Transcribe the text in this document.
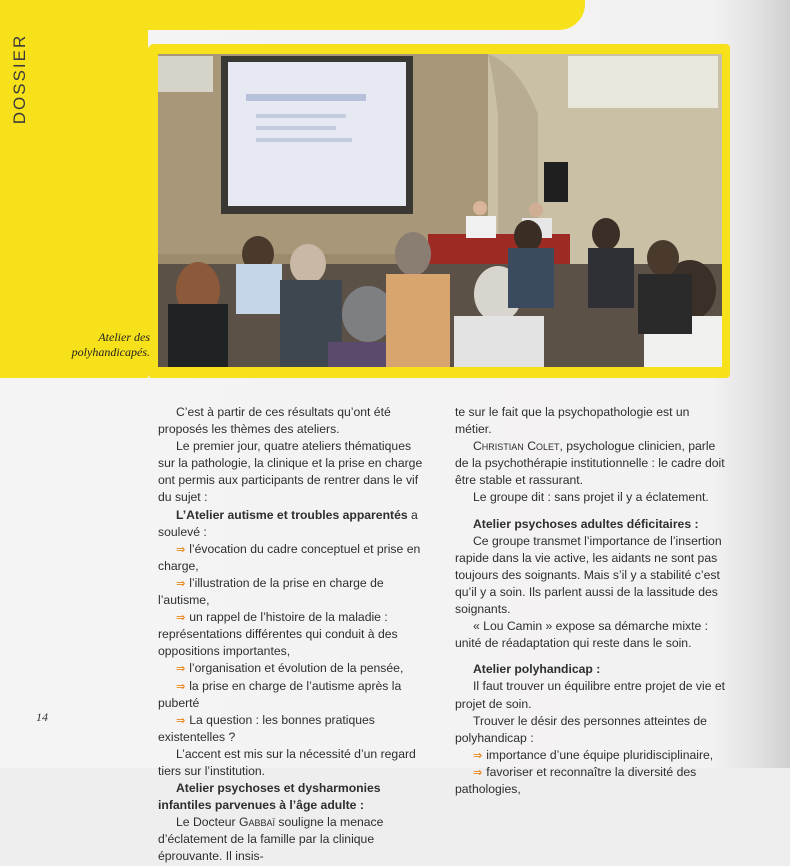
DOSSIER
Atelier des
polyhandicapés.

C’est à partir de ces résultats qu’ont été proposés les thèmes des ateliers.

Le premier jour, quatre ateliers thématiques sur la pathologie, la clinique et la prise en charge ont permis aux participants de rentrer dans le vif du sujet :

L’Atelier autisme et troubles apparentés a soulevé :

⇒ l’évocation du cadre conceptuel et prise en charge,

⇒ l’illustration de la prise en charge de l’autisme,

⇒ un rappel de l’histoire de la maladie : représentations différentes qui conduit à des oppositions importantes,

⇒ l’organisation et évolution de la pensée,

⇒ la prise en charge de l’autisme après la puberté

⇒ La question : les bonnes pratiques existentelles ?

L’accent est mis sur la nécessité d’un regard tiers sur l’institution.

Atelier psychoses et dysharmonies infantiles parvenues à l’âge adulte :

Le Docteur Gabbaï souligne la menace d’éclatement de la famille par la clinique éprouvante. Il insis-

te sur le fait que la psychopathologie est un métier.

Christian Colet, psychologue clinicien, parle de la psychothérapie institutionnelle : le cadre doit être stable et rassurant.

Le groupe dit : sans projet il y a éclatement.

Atelier psychoses adultes déficitaires :

Ce groupe transmet l’importance de l’insertion rapide dans la vie active, les aidants ne sont pas toujours des soignants. Mais s’il y a stabilité c’est qu’il y a soin. Ils parlent aussi de la lassitude des soignants.

« Lou Camin » expose sa démarche mixte : unité de réadaptation qui reste dans le soin.

Atelier polyhandicap :

Il faut trouver un équilibre entre projet de vie et projet de soin.

Trouver le désir des personnes atteintes de polyhandicap :

⇒ importance d’une équipe pluridisciplinaire,

⇒ favoriser et reconnaître la diversité des pathologies,

14
